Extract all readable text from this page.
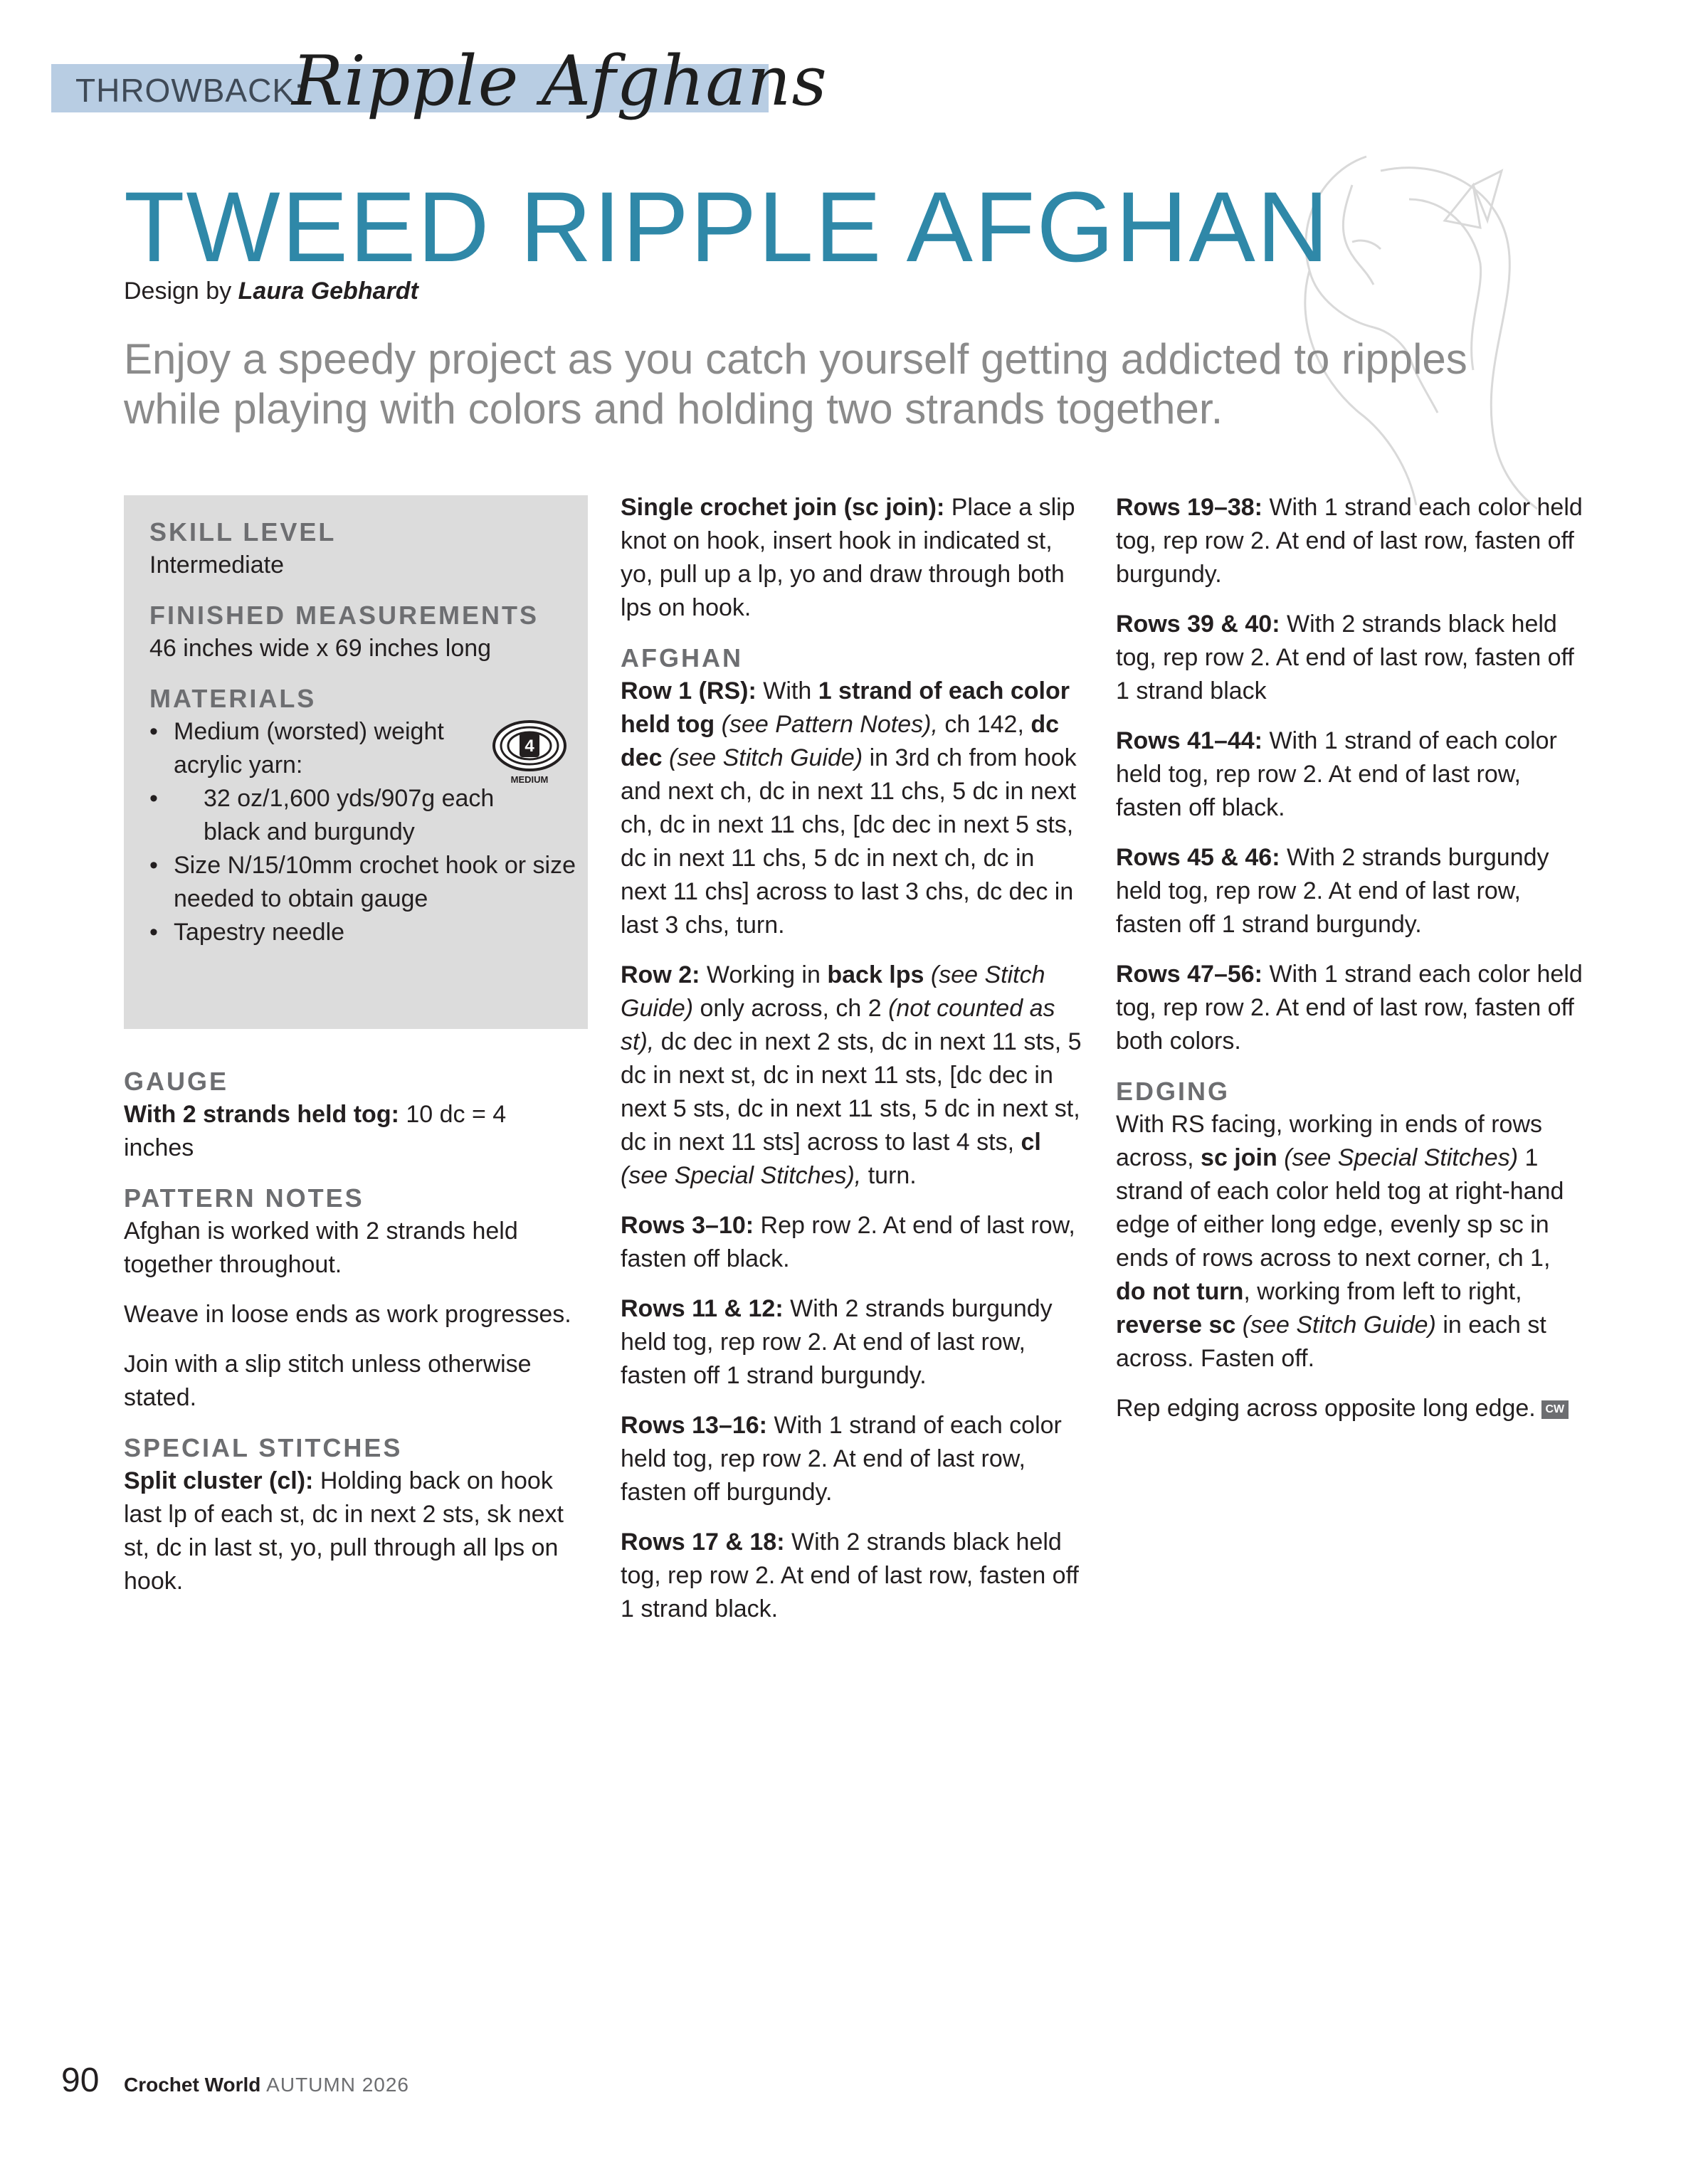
THROWBACK:
Ripple Afghans
TWEED RIPPLE AFGHAN
Design by Laura Gebhardt
Enjoy a speedy project as you catch yourself getting addicted to ripples while playing with colors and holding two strands together.
4
MEDIUM
SKILL LEVEL

Intermediate

FINISHED MEASUREMENTS

46 inches wide x 69 inches long

MATERIALS
• Medium (worsted) weight acrylic yarn:
• 32 oz/1,600 yds/907g each black and burgundy
• Size N/15/10mm crochet hook or size needed to obtain gauge
• Tapestry needle
GAUGE

With 2 strands held tog: 10 dc = 4 inches

PATTERN NOTES

Afghan is worked with 2 strands held together throughout.

Weave in loose ends as work progresses.

Join with a slip stitch unless otherwise stated.

SPECIAL STITCHES

Split cluster (cl): Holding back on hook last lp of each st, dc in next 2 sts, sk next st, dc in last st, yo, pull through all lps on hook.

Single crochet join (sc join): Place a slip knot on hook, insert hook in indicated st, yo, pull up a lp, yo and draw through both lps on hook.

AFGHAN

Row 1 (RS): With 1 strand of each color held tog (see Pattern Notes), ch 142, dc dec (see Stitch Guide) in 3rd ch from hook and next ch, dc in next 11 chs, 5 dc in next ch, dc in next 11 chs, [dc dec in next 5 sts, dc in next 11 chs, 5 dc in next ch, dc in next 11 chs] across to last 3 chs, dc dec in last 3 chs, turn.

Row 2: Working in back lps (see Stitch Guide) only across, ch 2 (not counted as st), dc dec in next 2 sts, dc in next 11 sts, 5 dc in next st, dc in next 11 sts, [dc dec in next 5 sts, dc in next 11 sts, 5 dc in next st, dc in next 11 sts] across to last 4 sts, cl (see Special Stitches), turn.

Rows 3–10: Rep row 2. At end of last row, fasten off black.

Rows 11 & 12: With 2 strands burgundy held tog, rep row 2. At end of last row, fasten off 1 strand burgundy.

Rows 13–16: With 1 strand of each color held tog, rep row 2. At end of last row, fasten off burgundy.

Rows 17 & 18: With 2 strands black held tog, rep row 2. At end of last row, fasten off 1 strand black.

Rows 19–38: With 1 strand each color held tog, rep row 2. At end of last row, fasten off burgundy.

Rows 39 & 40: With 2 strands black held tog, rep row 2. At end of last row, fasten off 1 strand black

Rows 41–44: With 1 strand of each color held tog, rep row 2. At end of last row, fasten off black.

Rows 45 & 46: With 2 strands burgundy held tog, rep row 2. At end of last row, fasten off 1 strand burgundy.

Rows 47–56: With 1 strand each color held tog, rep row 2. At end of last row, fasten off both colors.

EDGING

With RS facing, working in ends of rows across, sc join (see Special Stitches) 1 strand of each color held tog at right-hand edge of either long edge, evenly sp sc in ends of rows across to next corner, ch 1, do not turn, working from left to right, reverse sc (see Stitch Guide) in each st across. Fasten off.

Rep edging across opposite long edge. CW

90 Crochet World AUTUMN 2026
